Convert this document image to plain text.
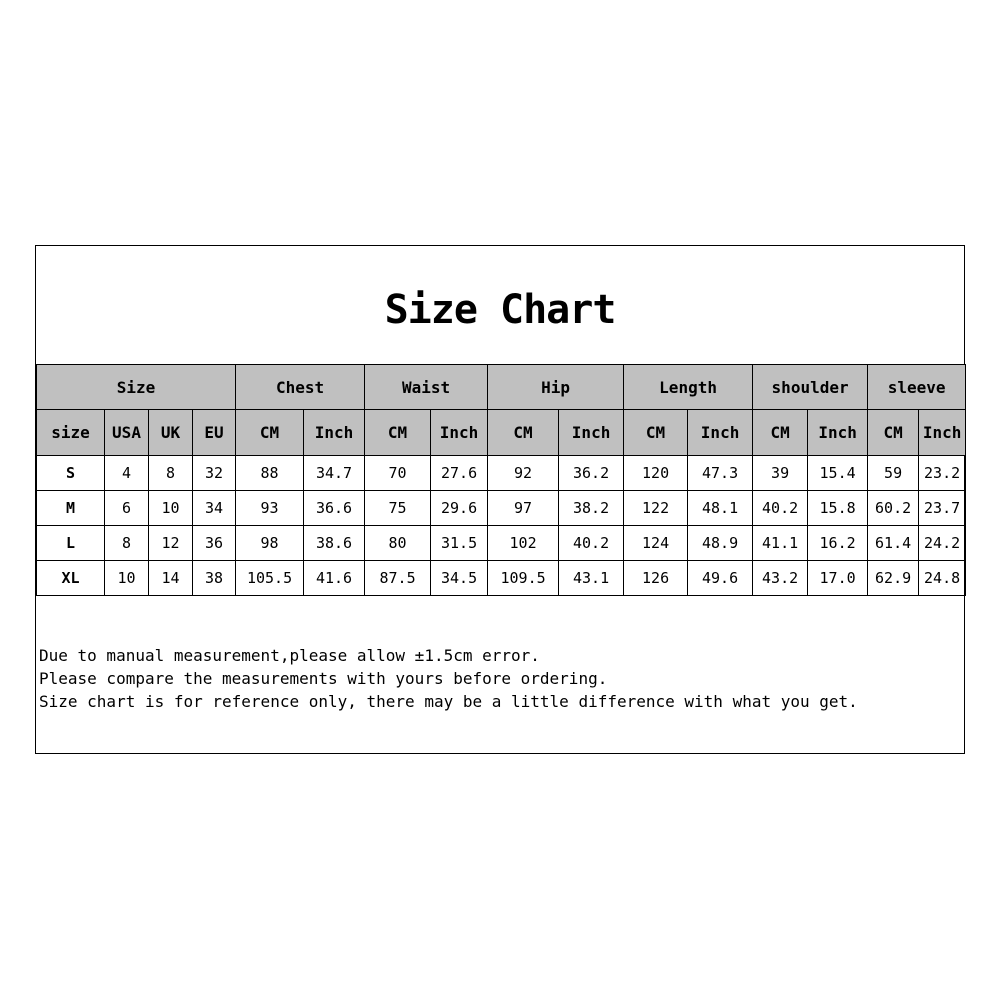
Size Chart
Size				Chest		Waist		Hip		Length		shoulder		sleeve	
size	USA	UK	EU	CM	Inch	CM	Inch	CM	Inch	CM	Inch	CM	Inch	CM	Inch
S	4	8	32	88	34.7	70	27.6	92	36.2	120	47.3	39	15.4	59	23.2
M	6	10	34	93	36.6	75	29.6	97	38.2	122	48.1	40.2	15.8	60.2	23.7
L	8	12	36	98	38.6	80	31.5	102	40.2	124	48.9	41.1	16.2	61.4	24.2
XL	10	14	38	105.5	41.6	87.5	34.5	109.5	43.1	126	49.6	43.2	17.0	62.9	24.8
Due to manual measurement,please allow ±1.5cm error.
Please compare the measurements with yours before ordering.
Size chart is for reference only, there may be a little difference with what you get.
